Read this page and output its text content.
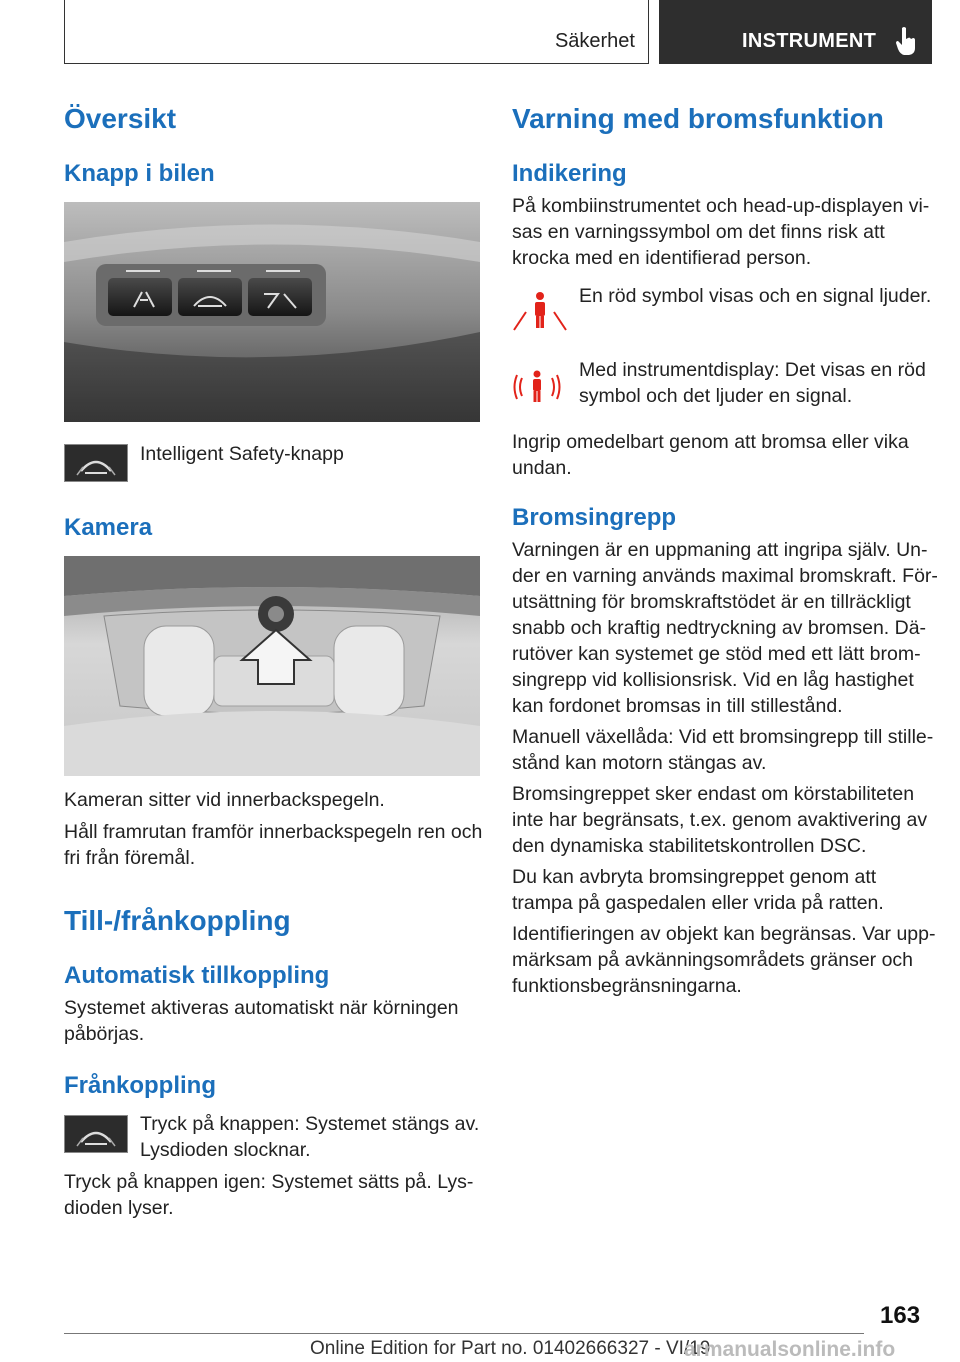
Säkerhet	INSTRUMENT
Översikt
Knapp i bilen
Intelligent Safety-knapp
Kamera
Kameran sitter vid innerbackspegeln.
Håll framrutan framför innerbackspegeln ren och
fri från föremål.
Till-/frånkoppling
Automatisk tillkoppling
Systemet aktiveras automatiskt när körningen
påbörjas.
Frånkoppling
Tryck på knappen: Systemet stängs av.
Lysdioden slocknar.
Tryck på knappen igen: Systemet sätts på. Lys-
dioden lyser.
Varning med bromsfunktion
Indikering
På kombiinstrumentet och head-up-displayen vi-
sas en varningssymbol om det finns risk att
krocka med en identifierad person.
En röd symbol visas och en signal ljuder.
Med instrumentdisplay: Det visas en röd
symbol och det ljuder en signal.
Ingrip omedelbart genom att bromsa eller vika
undan.
Bromsingrepp
Varningen är en uppmaning att ingripa själv. Un-
der en varning används maximal bromskraft. För-
utsättning för bromskraftstödet är en tillräckligt
snabb och kraftig nedtryckning av bromsen. Dä-
rutöver kan systemet ge stöd med ett lätt brom-
singrepp vid kollisionsrisk. Vid en låg hastighet
kan fordonet bromsas in till stillestånd.
Manuell växellåda: Vid ett bromsingrepp till stille-
stånd kan motorn stängas av.
Bromsingreppet sker endast om körstabiliteten
inte har begränsats, t.ex. genom avaktivering av
den dynamiska stabilitetskontrollen DSC.
Du kan avbryta bromsingreppet genom att
trampa på gaspedalen eller vrida på ratten.
Identifieringen av objekt kan begränsas. Var upp-
märksam på avkänningsområdets gränser och
funktionsbegränsningarna.
163
Online Edition for Part no. 01402666327 - VI/19
armanualsonline.info
